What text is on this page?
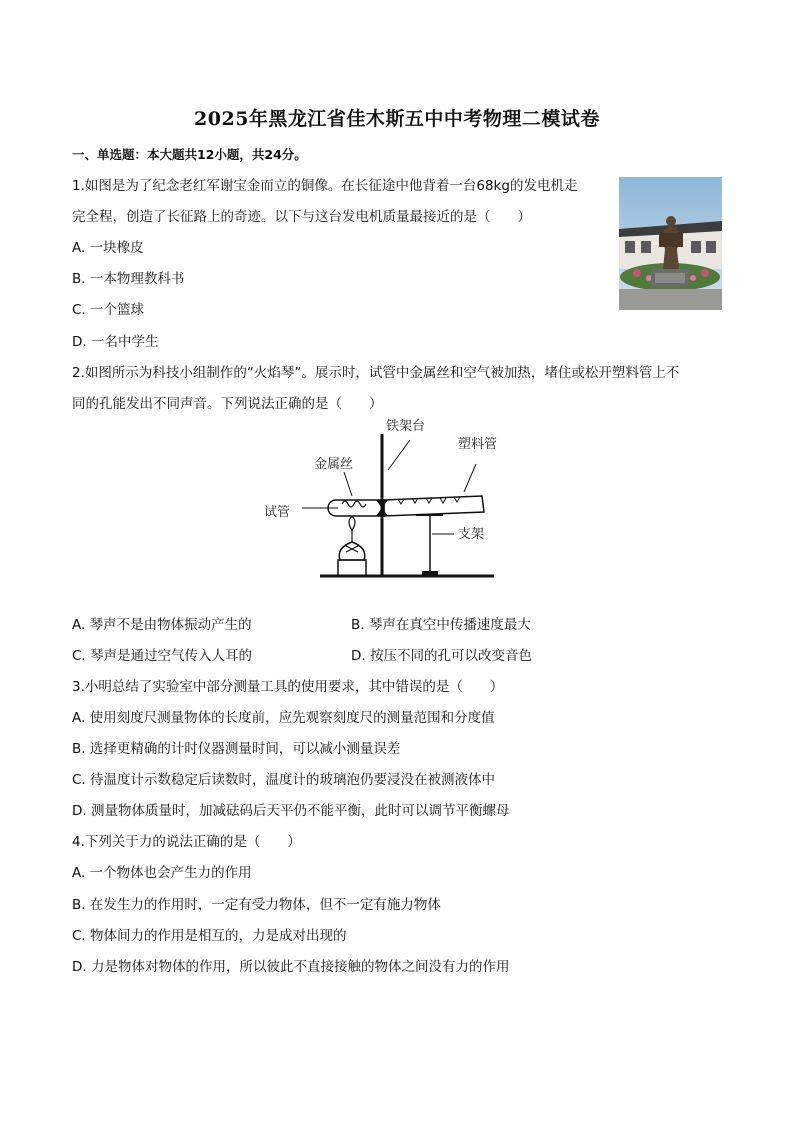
2025年黑龙江省佳木斯五中中考物理二模试卷
一、单选题：本大题共12小题，共24分。
1.如图是为了纪念老红军谢宝金而立的铜像。在长征途中他背着一台68kg的发电机走
完全程，创造了长征路上的奇迹。以下与这台发电机质量最接近的是（　　）
A. 一块橡皮
B. 一本物理教科书
C. 一个篮球
D. 一名中学生
2.如图所示为科技小组制作的“火焰琴”。展示时，试管中金属丝和空气被加热，堵住或松开塑料管上不
同的孔能发出不同声音。下列说法正确的是（　　）
铁架台
塑料管
金属丝
试管
支架
A. 琴声不是由物体振动产生的	B. 琴声在真空中传播速度最大
C. 琴声是通过空气传入人耳的	D. 按压不同的孔可以改变音色
3.小明总结了实验室中部分测量工具的使用要求，其中错误的是（　　）
A. 使用刻度尺测量物体的长度前，应先观察刻度尺的测量范围和分度值
B. 选择更精确的计时仪器测量时间，可以减小测量误差
C. 待温度计示数稳定后读数时，温度计的玻璃泡仍要浸没在被测液体中
D. 测量物体质量时，加减砝码后天平仍不能平衡，此时可以调节平衡螺母
4.下列关于力的说法正确的是（　　）
A. 一个物体也会产生力的作用
B. 在发生力的作用时，一定有受力物体，但不一定有施力物体
C. 物体间力的作用是相互的，力是成对出现的
D. 力是物体对物体的作用，所以彼此不直接接触的物体之间没有力的作用
